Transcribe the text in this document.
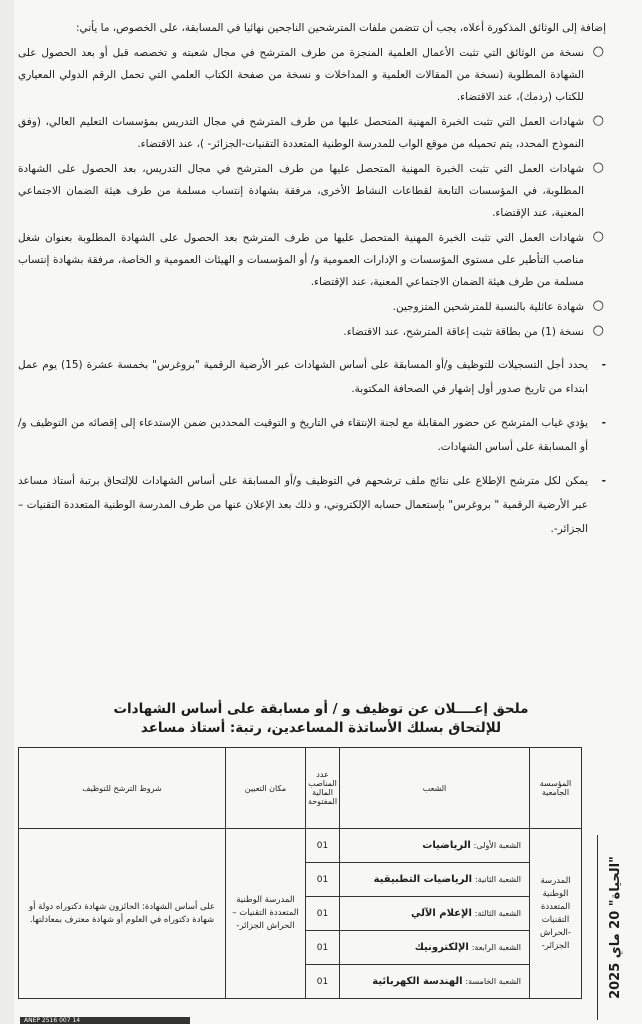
إضافة إلى الوثائق المذكورة أعلاه، يجب أن تتضمن ملفات المترشحين الناجحين نهائيا في المسابقة، على الخصوص، ما يأتي:

○
نسخة من الوثائق التي تثبت الأعمال العلمية المنجزة من طرف المترشح في مجال شعبته و تخصصه قبل أو بعد الحصول على الشهادة المطلوبة (نسخة من المقالات العلمية و المداخلات و نسخة من صفحة الكتاب العلمي التي تحمل الرقم الدولي المعياري للكتاب (ردمك)، عند الاقتضاء.
○
شهادات العمل التي تثبت الخبرة المهنية المتحصل عليها من طرف المترشح في مجال التدريس بمؤسسات التعليم العالي، (وفق النموذج المحدد، يتم تحميله من موقع الواب للمدرسة الوطنية المتعددة التقنيات-الجزائر- )، عند الاقتضاء.
○
شهادات العمل التي تثبت الخبرة المهنية المتحصل عليها من طرف المترشح في مجال التدريس، بعد الحصول على الشهادة المطلوبة، في المؤسسات التابعة لقطاعات النشاط الأخرى، مرفقة بشهادة إنتساب مسلمة من طرف هيئة الضمان الاجتماعي المعنية، عند الإقتضاء.
○
شهادات العمل التي تثبت الخبرة المهنية المتحصل عليها من طرف المترشح بعد الحصول على الشهادة المطلوبة بعنوان شغل مناصب التأطير على مستوى المؤسسات و الإدارات العمومية و/ أو المؤسسات و الهيئات العمومية و الخاصة، مرفقة بشهادة إنتساب مسلمة من طرف هيئة الضمان الاجتماعي المعنية، عند الإقتضاء.
○
شهادة عائلية بالنسبة للمترشحين المتزوجين.
○
نسخة (1) من بطاقة تثبت إعاقة المترشح، عند الاقتضاء.

-
يحدد أجل التسجيلات للتوظيف و/أو المسابقة على أساس الشهادات عبر الأرضية الرقمية "بروغرس" بخمسة عشرة (15) يوم عمل ابتداء من تاريخ صدور أول إشهار في الصحافة المكتوبة.

-
يؤدي غياب المترشح عن حضور المقابلة مع لجنة الإنتقاء في التاريخ و التوقيت المحددين ضمن الإستدعاء إلى إقصائه من التوظيف و/أو المسابقة على أساس الشهادات.

-
يمكن لكل مترشح الإطلاع على نتائج ملف ترشحهم في التوظيف و/أو المسابقة على أساس الشهادات للإلتحاق برتبة أستاذ مساعد عبر الأرضية الرقمية " بروغرس" بإستعمال حسابه الإلكتروني، و ذلك بعد الإعلان عنها من طرف المدرسة الوطنية المتعددة التقنيات – الجزائر-.

ملحق إعــــلان عن توظيف و / أو مسابقة على أساس الشهادات
للإلتحاق بسلك الأساتذة المساعدين، رتبة: أستاذ مساعد
المؤسسة الجامعية	الشعب	عدد المناصب المالية المفتوحة	مكان التعيين	شروط الترشح للتوظيف
المدرسة الوطنية المتعددة التقنيات -الحراش الجزائر-	الشعبة الأولى: الرياضيات	01	المدرسة الوطنية المتعددة التقنيات – الحراش الجزائر-	على أساس الشهادة: الحائزون شهادة دكتوراه دولة أو شهادة دكتوراه في العلوم أو شهادة معترف بمعادلتها.
	الشعبة الثانية: الرياضيات التطبيقية	01		
	الشعبة الثالثة: الإعلام الآلي	01		
	الشعبة الرابعة: الإلكترونيك	01		
	الشعبة الخامسة: الهندسة الكهربائية	01			"الحياة" 20 ماي 2025
ANEP 2516 007 14
